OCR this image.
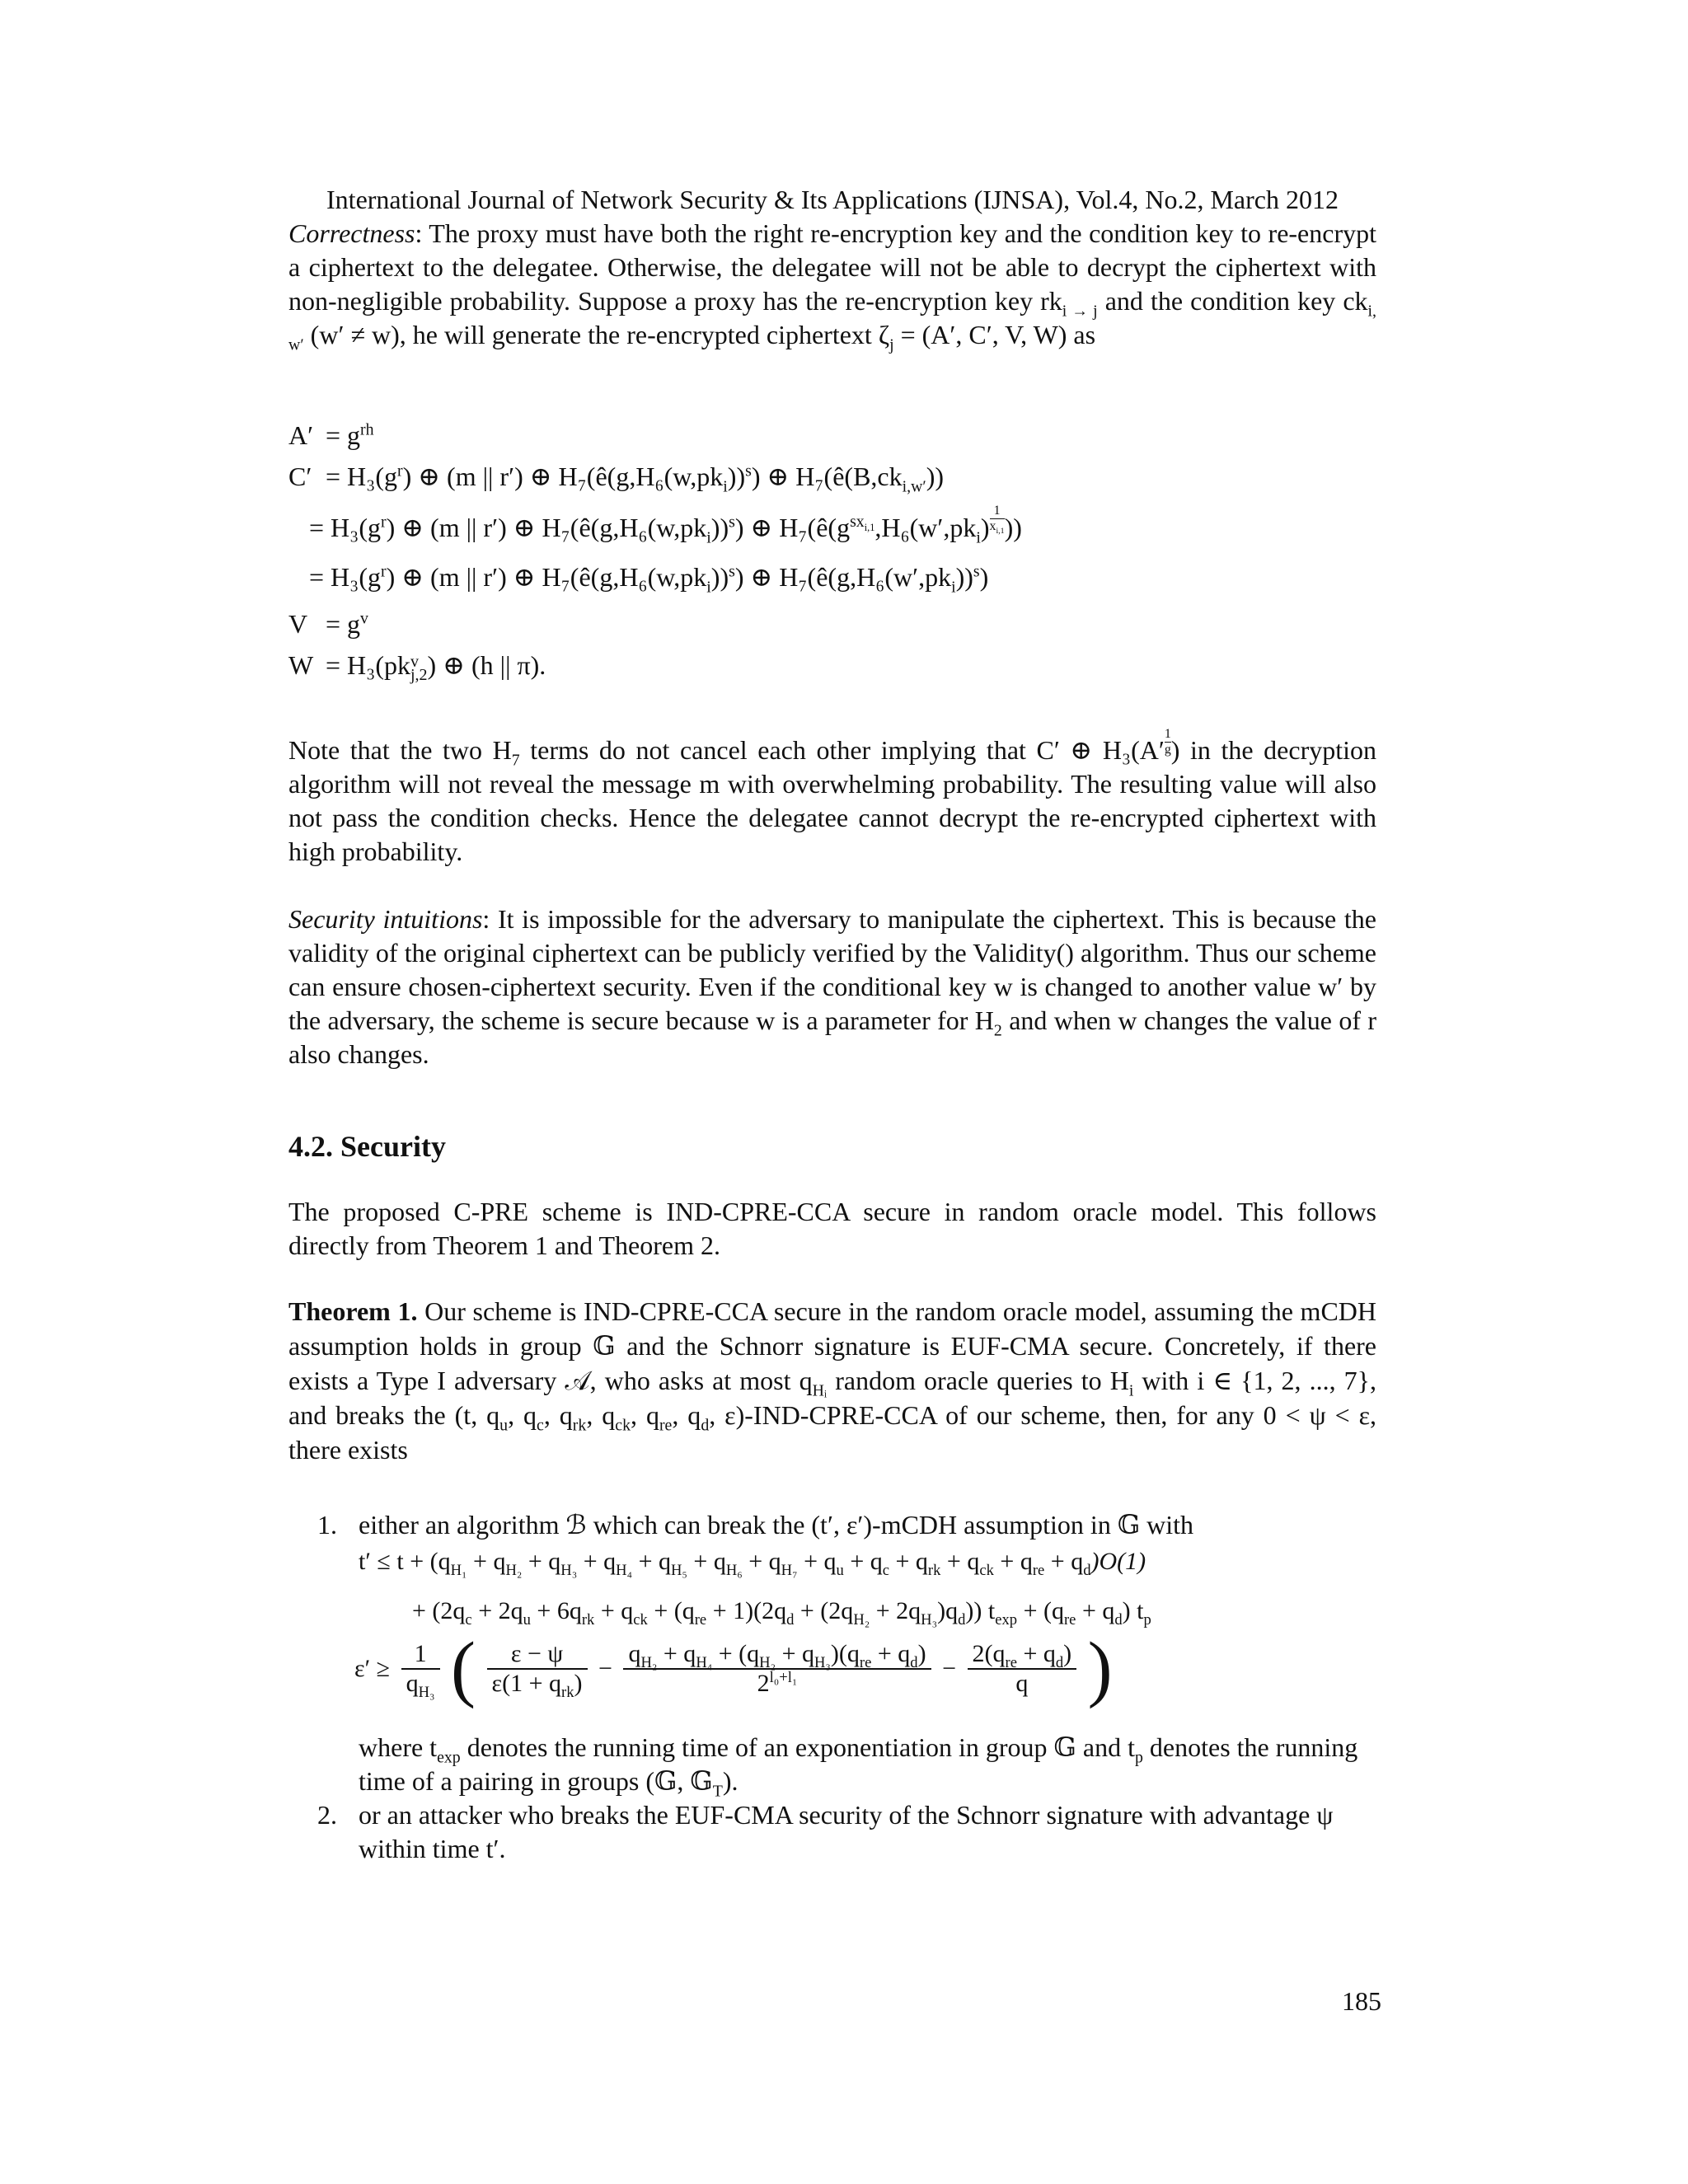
International Journal of Network Security & Its Applications (IJNSA), Vol.4, No.2, March 2012
Correctness: The proxy must have both the right re-encryption key and the condition key to re-encrypt a ciphertext to the delegatee. Otherwise, the delegatee will not be able to decrypt the ciphertext with non-negligible probability. Suppose a proxy has the re-encryption key $rk_{i \to j}$ and the condition key $ck_{i, w'}$ (w′ ≠ w), he will generate the re-encrypted ciphertext $\zeta_j = (A'$, C′, V, W) as
$A' = g^{rh}$
$C' = H_3(g^r)$ ⊕ (m || r′) ⊕ $H_7(ê(g,H_6(w,pk_i))^s)$ ⊕ $H_7(ê(B,ck_{i,w'}))$
= $H_3(g^r)$ ⊕ (m || r′) ⊕ $H_7(ê(g,H_6(w,pk_i))^s)$ ⊕ $H_7(ê(g^{sx_{i,1}},H_6(w',pk_i)$ $^{\frac{1}{x_{i,1}}}$ ))
= $H_3(g^r)$ ⊕ (m || r′) ⊕ $H_7(ê(g,H_6(w,pk_i))^s)$ ⊕ $H_7(ê(g,H_6(w',pk_i))^s)$
$V = g^v$
W = H₃(pk v
j,2 ) ⊕ (h || π).
Note that the two $H_7$ terms do not cancel each other implying that C′ ⊕ H₃(A′ $^{\frac{1}{g}}$ ) in the decryption algorithm will not reveal the message m with overwhelming probability. The resulting value will also not pass the condition checks. Hence the delegatee cannot decrypt the re-encrypted ciphertext with high probability.
Security intuitions: It is impossible for the adversary to manipulate the ciphertext. This is because the validity of the original ciphertext can be publicly verified by the Validity() algorithm. Thus our scheme can ensure chosen-ciphertext security. Even if the conditional key w is changed to another value w′ by the adversary, the scheme is secure because w is a parameter for $H_2$ and when w changes the value of r also changes.
4.2. Security
The proposed C-PRE scheme is IND-CPRE-CCA secure in random oracle model. This follows directly from Theorem 1 and Theorem 2.
Theorem 1. Our scheme is IND-CPRE-CCA secure in the random oracle model, assuming the mCDH assumption holds in group 𝔾 and the Schnorr signature is EUF-CMA secure. Concretely, if there exists a Type I adversary 𝒜, who asks at most $q_{Hᵢ}$ random oracle queries to $H_i$ with i ∈ {1, 2, ..., 7}, and breaks the (t, $q_u$, $q_c$, $q_{rk}$, $q_{ck}$, $q_{re}$, $q_d$, ε)-IND-CPRE-CCA of our scheme, then, for any 0 < ψ < ε, there exists
1. either an algorithm ℬ which can break the (t′, ε′)-mCDH assumption in 𝔾 with
$t' \le t + (q_{H_1} + q_{H_2} + q_{H_3} + q_{H_4} + q_{H_5} + q_{H_6} + q_{H_7} + q_u + q_c + q_{rk} + q_{ck} + q_{re} + q_d)O(1)$
+ $(2q_c + 2q_u + 6q_{rk} + q_{ck} + (q_{re} + 1)(2q_d + (2q_{H_2} + 2q_{H_3})q_d)) t_{exp} + (q_{re} + q_d)$ $t_p$
$\varepsilon' \ge \frac{1}{q_{H_3}}$ ( $\frac{\varepsilon - \psi}{\varepsilon(1 + q_{rk})} - \frac{q_{H_2} + q_{H_4} + (q_{H_2} + q_{H_3})(q_{re} + q_d)}{2^{l_0+l_1}} - \frac{2(q_{re} + q_d)}{q}$ )
where $t_{exp}$ denotes the running time of an exponentiation in group 𝔾 and $t_p$ denotes the running time of a pairing in groups (𝔾, 𝔾$_T$).
2. or an attacker who breaks the EUF-CMA security of the Schnorr signature with advantage ψ within time t′.
185
